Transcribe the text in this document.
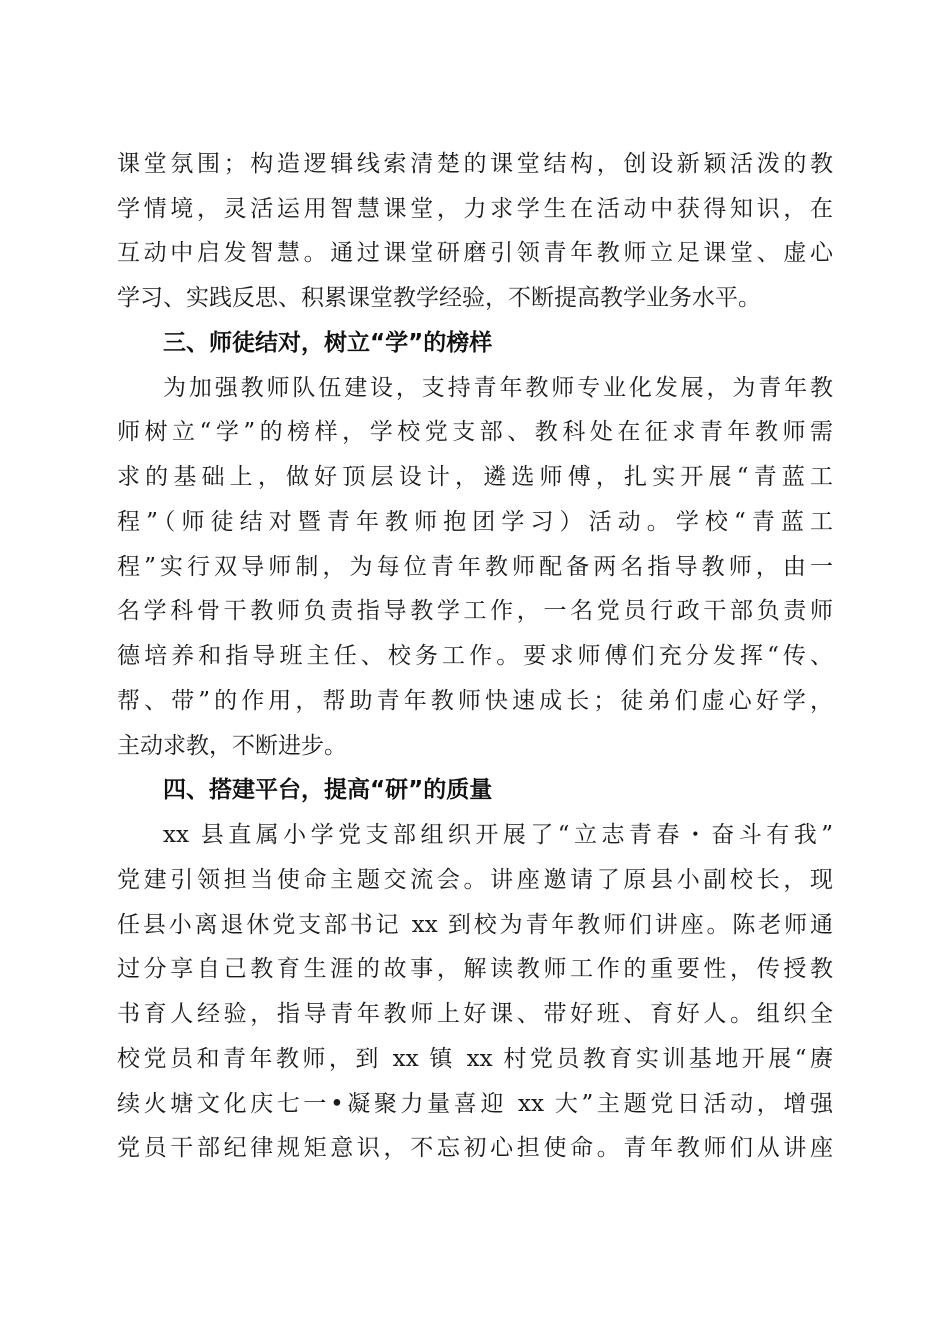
课堂氛围；构造逻辑线索清楚的课堂结构，创设新颖活泼的教
学情境，灵活运用智慧课堂，力求学生在活动中获得知识，在
互动中启发智慧。通过课堂研磨引领青年教师立足课堂、虚心
学习、实践反思、积累课堂教学经验，不断提高教学业务水平。
三、师徒结对，树立“学”的榜样
为加强教师队伍建设，支持青年教师专业化发展，为青年教
师树立“学”的榜样，学校党支部、教科处在征求青年教师需
求的基础上，做好顶层设计，遴选师傅，扎实开展“青蓝工
程”（师徒结对暨青年教师抱团学习）活动。学校“青蓝工
程”实行双导师制，为每位青年教师配备两名指导教师，由一
名学科骨干教师负责指导教学工作，一名党员行政干部负责师
德培养和指导班主任、校务工作。要求师傅们充分发挥“传、
帮、带”的作用，帮助青年教师快速成长；徒弟们虚心好学，
主动求教，不断进步。
四、搭建平台，提高“研”的质量
xx 县直属小学党支部组织开展了“立志青春・奋斗有我”
党建引领担当使命主题交流会。讲座邀请了原县小副校长，现
任县小离退休党支部书记 xx 到校为青年教师们讲座。陈老师通
过分享自己教育生涯的故事，解读教师工作的重要性，传授教
书育人经验，指导青年教师上好课、带好班、育好人。组织全
校党员和青年教师，到 xx 镇 xx 村党员教育实训基地开展“赓
续火塘文化庆七一•凝聚力量喜迎 xx 大”主题党日活动，增强
党员干部纪律规矩意识，不忘初心担使命。青年教师们从讲座
